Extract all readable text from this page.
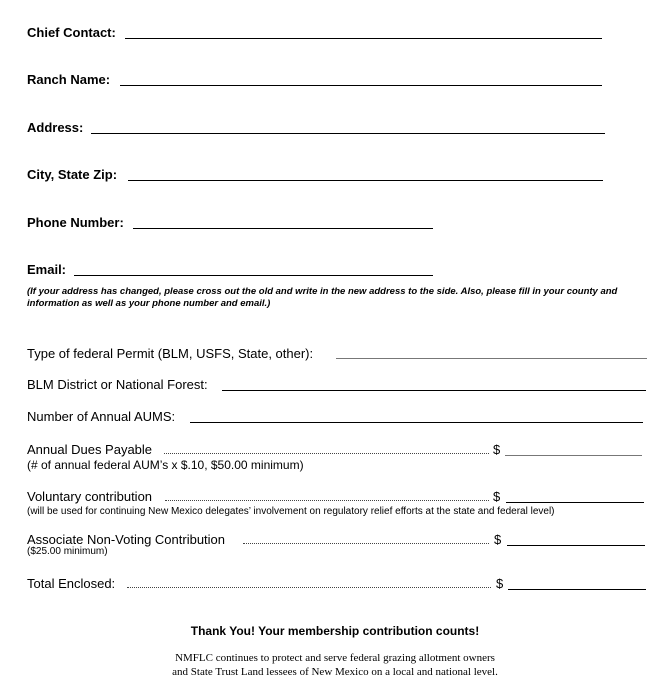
Chief Contact:
Ranch Name:
Address:
City, State Zip:
Phone Number:
Email:
(If your address has changed, please cross out the old and write in the new address to the side. Also, please fill in your county and information as well as your phone number and email.)
Type of federal Permit (BLM, USFS, State, other):
BLM District or National Forest:
Number of Annual AUMS:
Annual Dues Payable	$
(# of annual federal AUM’s x $.10, $50.00 minimum)
Voluntary contribution	$
(will be used for continuing New Mexico delegates’ involvement on regulatory relief efforts at the state and federal level)
Associate Non-Voting Contribution	$
($25.00 minimum)
Total Enclosed:	$
Thank You! Your membership contribution counts!
NMFLC continues to protect and serve federal grazing allotment owners
and State Trust Land lessees of New Mexico on a local and national level.
